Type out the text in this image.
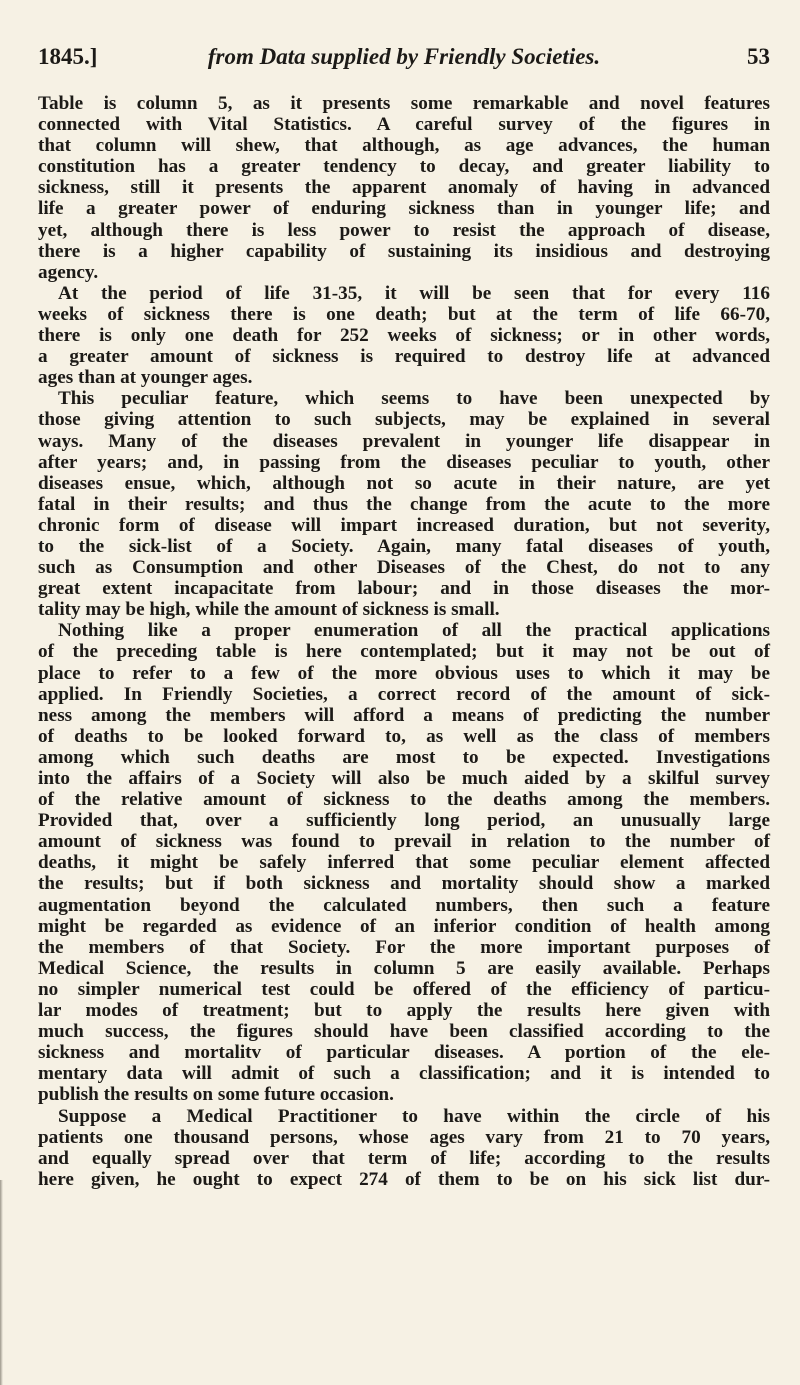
1845.]	from Data supplied by Friendly Societies.	53
Table is column 5, as it presents some remarkable and novel features
connected with Vital Statistics. A careful survey of the figures in
that column will shew, that although, as age advances, the human
constitution has a greater tendency to decay, and greater liability to
sickness, still it presents the apparent anomaly of having in advanced
life a greater power of enduring sickness than in younger life; and
yet, although there is less power to resist the approach of disease,
there is a higher capability of sustaining its insidious and destroying
agency.
At the period of life 31-35, it will be seen that for every 116
weeks of sickness there is one death; but at the term of life 66-70,
there is only one death for 252 weeks of sickness; or in other words,
a greater amount of sickness is required to destroy life at advanced
ages than at younger ages.
This peculiar feature, which seems to have been unexpected by
those giving attention to such subjects, may be explained in several
ways. Many of the diseases prevalent in younger life disappear in
after years; and, in passing from the diseases peculiar to youth, other
diseases ensue, which, although not so acute in their nature, are yet
fatal in their results; and thus the change from the acute to the more
chronic form of disease will impart increased duration, but not severity,
to the sick-list of a Society. Again, many fatal diseases of youth,
such as Consumption and other Diseases of the Chest, do not to any
great extent incapacitate from labour; and in those diseases the mor-
tality may be high, while the amount of sickness is small.
Nothing like a proper enumeration of all the practical applications
of the preceding table is here contemplated; but it may not be out of
place to refer to a few of the more obvious uses to which it may be
applied. In Friendly Societies, a correct record of the amount of sick-
ness among the members will afford a means of predicting the number
of deaths to be looked forward to, as well as the class of members
among which such deaths are most to be expected. Investigations
into the affairs of a Society will also be much aided by a skilful survey
of the relative amount of sickness to the deaths among the members.
Provided that, over a sufficiently long period, an unusually large
amount of sickness was found to prevail in relation to the number of
deaths, it might be safely inferred that some peculiar element affected
the results; but if both sickness and mortality should show a marked
augmentation beyond the calculated numbers, then such a feature
might be regarded as evidence of an inferior condition of health among
the members of that Society. For the more important purposes of
Medical Science, the results in column 5 are easily available. Perhaps
no simpler numerical test could be offered of the efficiency of particu-
lar modes of treatment; but to apply the results here given with
much success, the figures should have been classified according to the
sickness and mortalitv of particular diseases. A portion of the ele-
mentary data will admit of such a classification; and it is intended to
publish the results on some future occasion.
Suppose a Medical Practitioner to have within the circle of his
patients one thousand persons, whose ages vary from 21 to 70 years,
and equally spread over that term of life; according to the results
here given, he ought to expect 274 of them to be on his sick list dur-
